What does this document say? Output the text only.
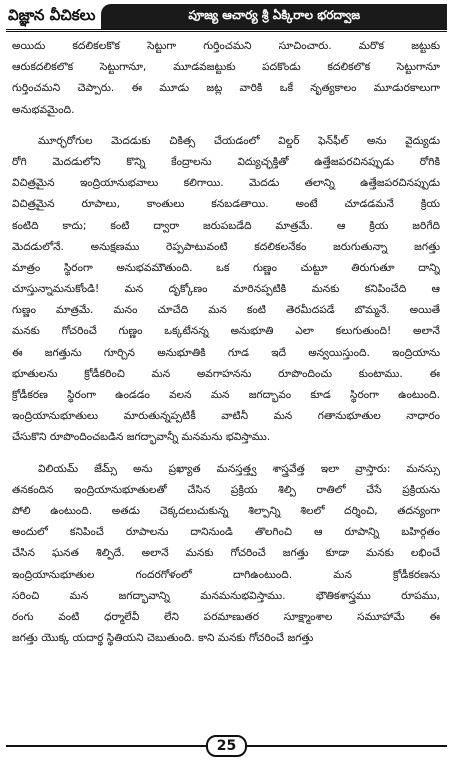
విజ్ఞాన వీచికలు	పూజ్య ఆచార్య శ్రీ ఏక్కిరాల భరద్వాజ
అయిదు కదలికలకొక సెట్టుగా గుర్తించమని సూచించారు. మరొక జట్టుకు
ఆరుకదలికలొక సెట్టుగానూ, మూడవజట్టుకు పదకొండు కదలికలొక సెట్టుగానూ
గుర్తించమని చెప్పారు. ఈ మూడు జట్ల వారికి ఒకే నృత్యకాలం మూడురకాలుగా
అనుభవమైంది.
మూర్ఛరోగుల మెదడుకు చికిత్స చేయడంలో విల్డర్ ఫెన్‌ఫీల్ అను వైద్యుడు
రోగి మెదడులోని కొన్ని కేంద్రాలను విద్యుచ్ఛక్తితో ఉత్తేజపరచినప్పుడు రోగికి
విచిత్రమైన ఇంద్రియానుభవాలు కలిగాయి. మెదడు తలాన్ని ఉత్తేజపరచినప్పుడు
విచిత్రమైన రూపాలు, కాంతులు కనబడతాయి. అంటే చూడడమనే క్రియ
కంటిది కాదు; కంటి ద్వారా జరుపబడేది మాత్రమే. ఆ క్రియ జరిగేది
మెదడులోనే. అనుక్షణము రెప్పపాటువంటి కదలికలనేకం జరుగుతున్నా జగత్తు
మాత్రం స్థిరంగా అనుభవమౌతుంది. ఒక గుణ్ణం చుట్టూ తిరుగుతూ దాన్ని
చూస్తున్నామనుకోండి! మన దృక్కోణం మారినప్పటికి మనకు కనిపించేది ఆ
గుణ్ణం మాత్రమే. మనం చూచేది మన కంటి తెరమీదపడే బొమ్మనే. అయితే
మనకు గోచరించే గుణ్ణం ఒక్కటేనన్న అనుభూతి ఎలా కలుగుతుంది! అలానే
ఈ జగత్తును గూర్చిన అనుభూతికి గూడ ఇదే అన్వయిస్తుంది. ఇంద్రియాను
భూతులను క్రోడీకరించి మన అవగాహనను రూపొందించు కుంటాము. ఈ
క్రోడీకరణ స్థిరంగా ఉండడం వలన మన జగద్భావం కూడ స్థిరంగా ఉంటుంది.
ఇంద్రియానుభూతులు మారుతున్నప్పటికీ వాటినీ మన గతానుభూతుల నాధారం
చేసుకొని రూపొందించబడిన జగద్భావాన్నీ మనమను భవిస్తాము.
విలియమ్ జేమ్స్ అను ప్రఖ్యాత మనస్తత్త్వ శాస్త్రవేత్త ఇలా వ్రాస్తారు: మనస్సు
తనకందిన ఇంద్రియానుభూతులతో చేసిన ప్రక్రియ శిల్పి రాతిలో చేసే ప్రక్రియను
పోలి ఉంటుంది. అతడు చెక్కదలుచుకున్న శిల్పాన్ని శిలలో దర్శించి, తదన్యంగా
అందులో కనిపించే రూపాలను దానినుండి తొలగించి ఆ రూపాన్ని బహిర్గతం
చేసిన ఘనత శిల్పిదే. అలానే మనకు గోచరించే జగత్తు కూడా మనకు లభించే
ఇంద్రియానుభూతుల గందరగోళంలో దాగిఉంటుంది. మన క్రోడీకరణను
సరించి మన జగద్భావాన్ని మనమనుభవిస్తాము. భౌతికశాస్త్రము రూపము,
రంగు వంటి ధర్మాలేవీ లేని పరమాణుతర సూక్ష్మాంశాల సమూహామే ఈ
జగత్తు యొక్క యదార్థ స్థితియని చెబుతుంది. కాని మనకు గోచరించే జగత్తు
25
